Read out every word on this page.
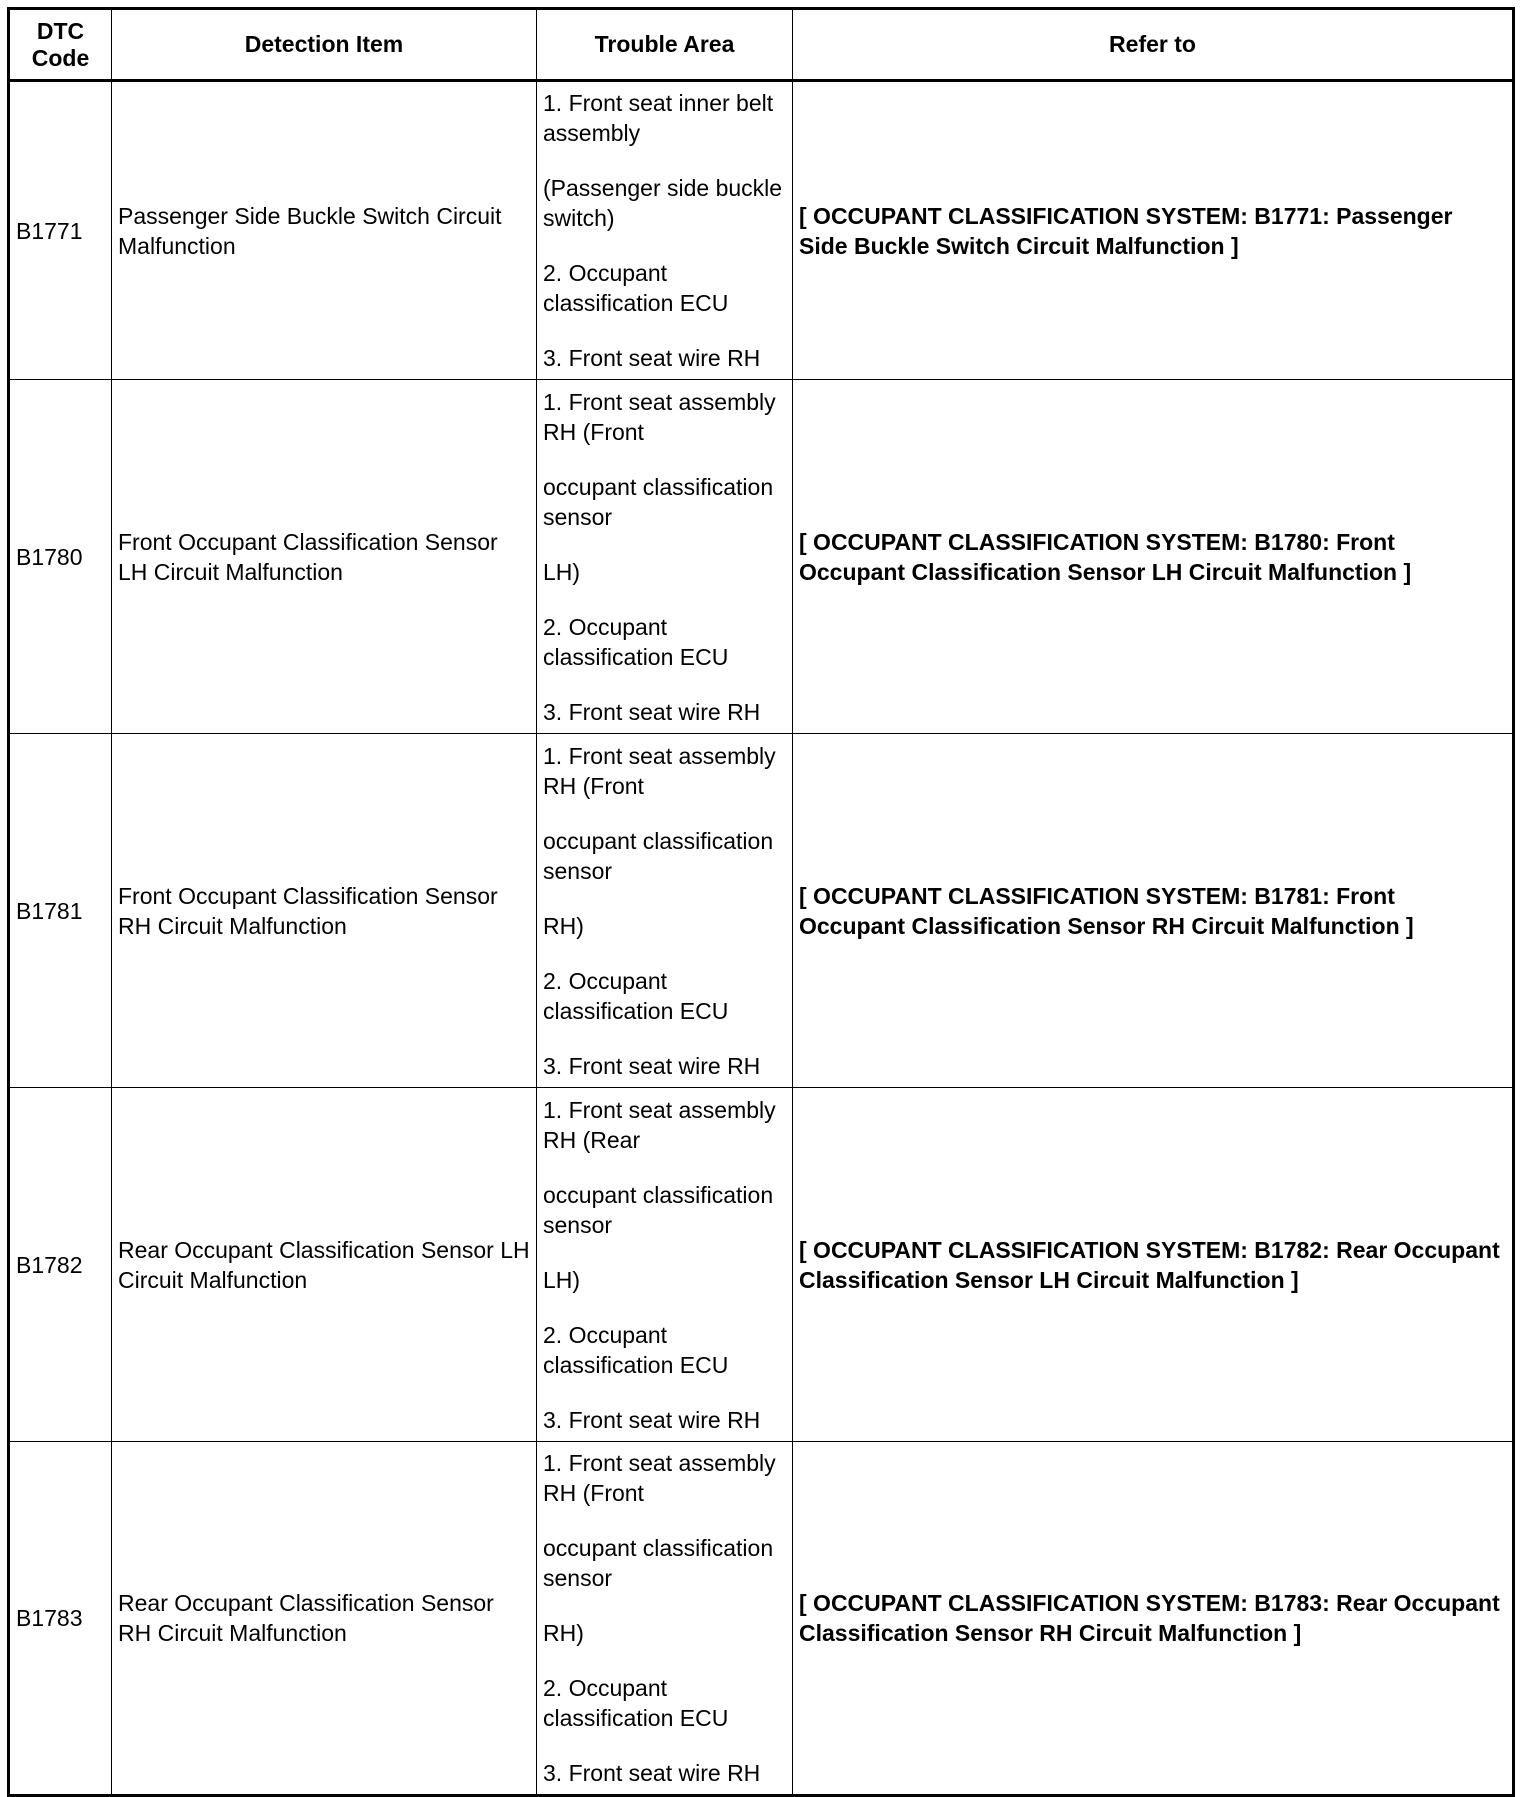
DTC
Code	Detection Item	Trouble Area	Refer to
B1771	Passenger Side Buckle Switch Circuit Malfunction	1. Front seat inner belt assembly

(Passenger side buckle switch)

2. Occupant classification ECU

3. Front seat wire RH	[ OCCUPANT CLASSIFICATION SYSTEM: B1771: Passenger Side Buckle Switch Circuit Malfunction ]
B1780	Front Occupant Classification Sensor LH Circuit Malfunction	1. Front seat assembly RH (Front

occupant classification sensor

LH)

2. Occupant classification ECU

3. Front seat wire RH	[ OCCUPANT CLASSIFICATION SYSTEM: B1780: Front Occupant Classification Sensor LH Circuit Malfunction ]
B1781	Front Occupant Classification Sensor RH Circuit Malfunction	1. Front seat assembly RH (Front

occupant classification sensor

RH)

2. Occupant classification ECU

3. Front seat wire RH	[ OCCUPANT CLASSIFICATION SYSTEM: B1781: Front Occupant Classification Sensor RH Circuit Malfunction ]
B1782	Rear Occupant Classification Sensor LH Circuit Malfunction	1. Front seat assembly RH (Rear

occupant classification sensor

LH)

2. Occupant classification ECU

3. Front seat wire RH	[ OCCUPANT CLASSIFICATION SYSTEM: B1782: Rear Occupant Classification Sensor LH Circuit Malfunction ]
B1783	Rear Occupant Classification Sensor RH Circuit Malfunction	1. Front seat assembly RH (Front

occupant classification sensor

RH)

2. Occupant classification ECU

3. Front seat wire RH	[ OCCUPANT CLASSIFICATION SYSTEM: B1783: Rear Occupant Classification Sensor RH Circuit Malfunction ]
